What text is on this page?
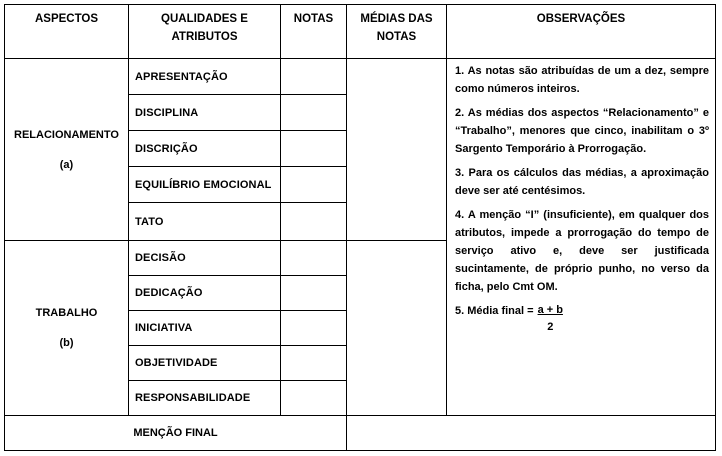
ASPECTOS	QUALIDADES E
ATRIBUTOS
NOTAS MÉDIAS DAS
NOTAS
OBSERVAÇÕES
RELACIONAMENTO
(a)
TRABALHO
(b)
APRESENTAÇÃO
DISCIPLINA
DISCRIÇÃO
EQUILÍBRIO EMOCIONAL
TATO
DECISÃO
DEDICAÇÃO
INICIATIVA
OBJETIVIDADE
RESPONSABILIDADE

1. As notas são atribuídas de um a dez, sempre como números inteiros.

2. As médias dos aspectos “Relacionamento” e “Trabalho”, menores que cinco, inabilitam o 3º Sargento Temporário à Prorrogação.

3. Para os cálculos das médias, a aproximação deve ser até centésimos.

4. A menção “I” (insuficiente), em qualquer dos atributos, impede a prorrogação do tempo de serviço ativo e, deve ser justificada sucintamente, de próprio punho, no verso da ficha, pelo Cmt OM.

5. Média final = $\frac{a + b}{2}$
MENÇÃO FINAL
